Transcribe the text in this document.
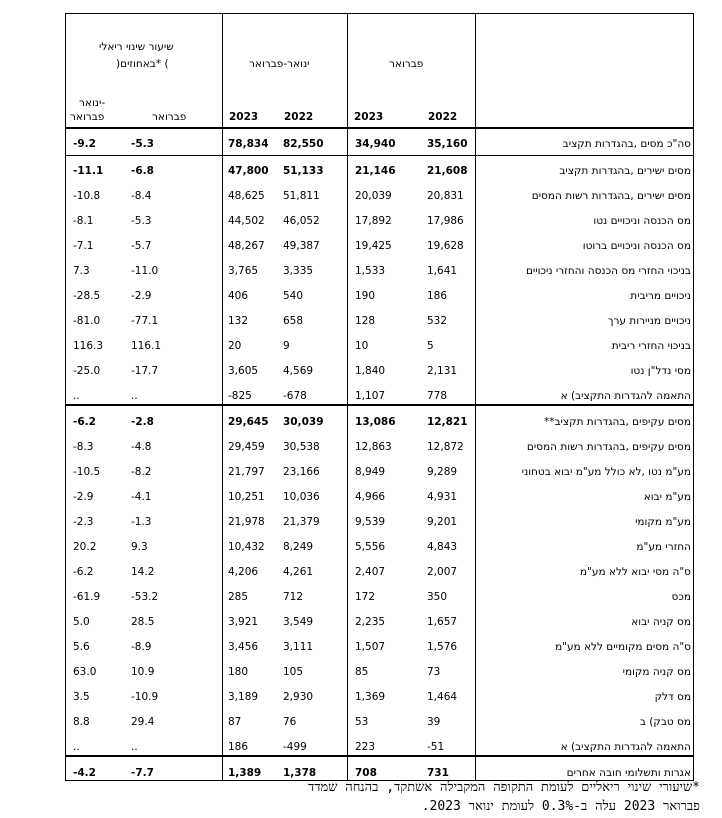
שיעור שינוי ריאלי
)באחוזים* (	ינואר-פברואר	פברואר
ינואר-
פברואר	פברואר	2023 2022	2023	2022
-9.2	-5.3	78,834 82,550	34,940	35,160	סה"כ מסים ,בהגדרות תקציב
-11.1	-6.8	47,800 51,133	21,146	21,608	מסים ישירים ,בהגדרות תקציב
-10.8	-8.4	48,625 51,811	20,039	20,831	מסים ישירים ,בהגדרות רשות המסים
-8.1	-5.3	44,502 46,052	17,892	17,986	מס הכנסה וניכויים נטו
-7.1	-5.7	48,267 49,387	19,425	19,628	מס הכנסה וניכויים ברוטו
7.3	-11.0	3,765 3,335	1,533	1,641	בניכוי החזרי מס הכנסה והחזרי ניכויים
-28.5	-2.9	406	540	190	186	ניכויים מריבית
-81.0	-77.1	132	658	128	532	ניכויים מניירות ערך
116.3	116.1	20	9	10	5	בניכוי החזרי ריבית
-25.0	-17.7	3,605 4,569	1,840	2,131	מסי נדל"ן נטו
..	..	-825	-678	1,107	778	התאמה להגדרות התקציב) א
-6.2	-2.8	29,645 30,039	13,086	12,821	מסים עקיפים ,בהגדרות תקציב**
-8.3	-4.8	29,459 30,538	12,863	12,872	מסים עקיפים ,בהגדרות רשות המסים
-10.5	-8.2	21,797 23,166	8,949	9,289	מע"מ נטו ,לא כולל מע"מ יבוא בטחוני
-2.9	-4.1	10,251 10,036	4,966	4,931	מע"מ יבוא
-2.3	-1.3	21,978 21,379	9,539	9,201	מע"מ מקומי
20.2	9.3	10,432 8,249	5,556	4,843	החזרי מע"מ
-6.2	14.2	4,206 4,261	2,407	2,007	ס"ה מסי יבוא ללא מע"מ
-61.9	-53.2	285	712	172	350	מכס
5.0	28.5	3,921 3,549	2,235	1,657	מס קניה יבוא
5.6	-8.9	3,456 3,111	1,507	1,576	ס"ה מסים מקומיים ללא מע"מ
63.0	10.9	180	105	85	73	מס קניה מקומי
3.5	-10.9	3,189 2,930	1,369	1,464	מס דלק
8.8	29.4	87	76	53	39	מס טבק) ב
..	..	186	-499	223	-51	התאמה להגדרות התקציב) א
-4.2	-7.7	1,389 1,378	708	731	אגרות ותשלומי חובה אחרים
*שיעורי שינוי ריאליים לעומת התקופה המקבילה אשתקד, בהנחה שמדד
פברואר 2023 עלה ב-0.3% לעומת ינואר 2023.
